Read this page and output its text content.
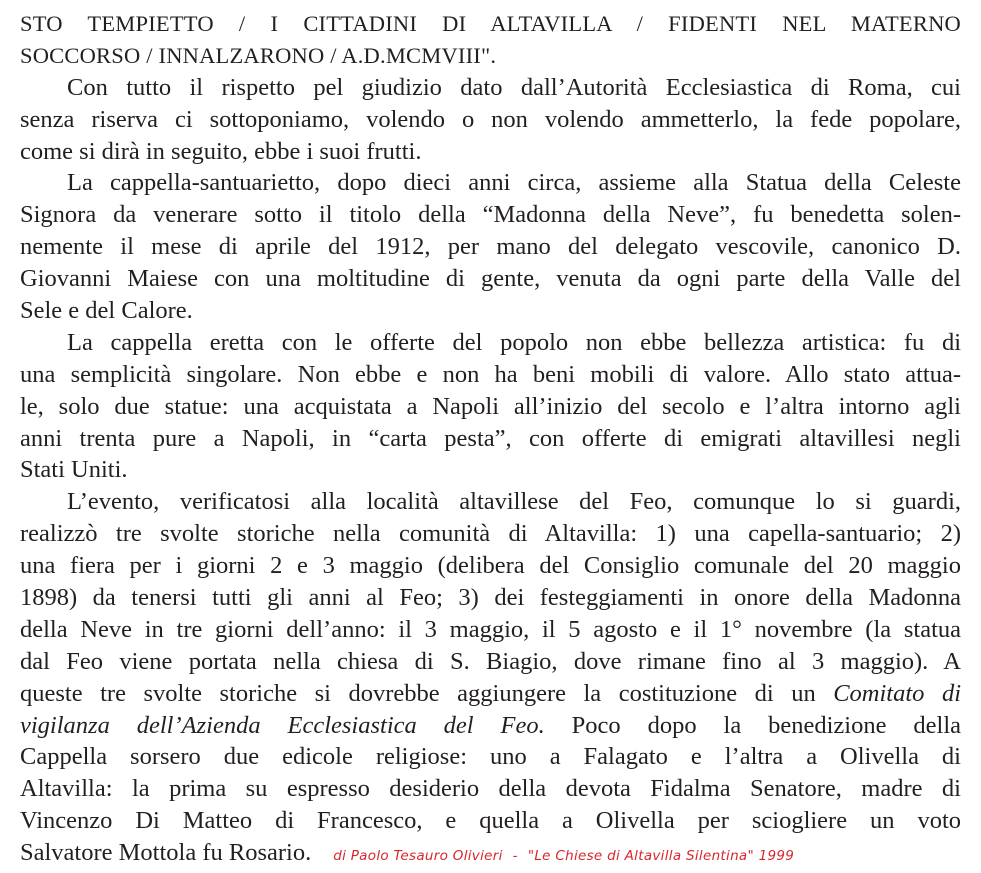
STO TEMPIETTO / I CITTADINI DI ALTAVILLA / FIDENTI NEL MATERNO
SOCCORSO / INNALZARONO / A.D.MCMVIII".
Con tutto il rispetto pel giudizio dato dall’Autorità Ecclesiastica di Roma, cui
senza riserva ci sottoponiamo, volendo o non volendo ammetterlo, la fede popolare,
come si dirà in seguito, ebbe i suoi frutti.
La cappella-santuarietto, dopo dieci anni circa, assieme alla Statua della Celeste
Signora da venerare sotto il titolo della “Madonna della Neve”, fu benedetta solen-
nemente il mese di aprile del 1912, per mano del delegato vescovile, canonico D.
Giovanni Maiese con una moltitudine di gente, venuta da ogni parte della Valle del
Sele e del Calore.
La cappella eretta con le offerte del popolo non ebbe bellezza artistica: fu di
una semplicità singolare. Non ebbe e non ha beni mobili di valore. Allo stato attua-
le, solo due statue: una acquistata a Napoli all’inizio del secolo e l’altra intorno agli
anni trenta pure a Napoli, in “carta pesta”, con offerte di emigrati altavillesi negli
Stati Uniti.
L’evento, verificatosi alla località altavillese del Feo, comunque lo si guardi,
realizzò tre svolte storiche nella comunità di Altavilla: 1) una capella-santuario; 2)
una fiera per i giorni 2 e 3 maggio (delibera del Consiglio comunale del 20 maggio
1898) da tenersi tutti gli anni al Feo; 3) dei festeggiamenti in onore della Madonna
della Neve in tre giorni dell’anno: il 3 maggio, il 5 agosto e il 1° novembre (la statua
dal Feo viene portata nella chiesa di S. Biagio, dove rimane fino al 3 maggio). A
queste tre svolte storiche si dovrebbe aggiungere la costituzione di un Comitato di
vigilanza dell’Azienda Ecclesiastica del Feo. Poco dopo la benedizione della
Cappella sorsero due edicole religiose: uno a Falagato e l’altra a Olivella di
Altavilla: la prima su espresso desiderio della devota Fidalma Senatore, madre di
Vincenzo Di Matteo di Francesco, e quella a Olivella per sciogliere un voto
Salvatore Mottola fu Rosario. di Paolo Tesauro Olivieri - "Le Chiese di Altavilla Silentina" 1999
